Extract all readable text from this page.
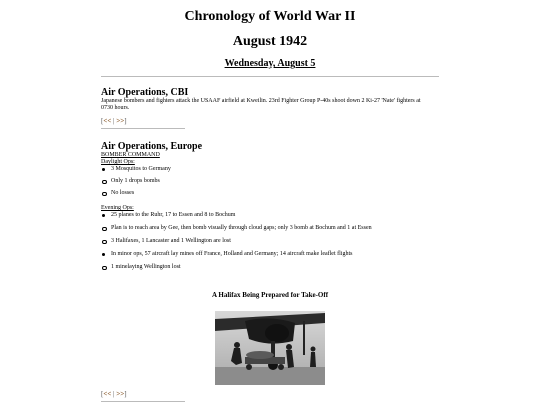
Chronology of World War II
August 1942
Wednesday, August 5
Air Operations, CBI
Japanese bombers and fighters attack the USAAF airfield at Kweilin. 23rd Fighter Group P-40s shoot down 2 Ki-27 'Nate' fighters at 0730 hours.
[<< | >>]
Air Operations, Europe
BOMBER COMMAND
Daylight Ops:
3 Mosquitos to Germany
Only 1 drops bombs
No losses
Evening Ops:
25 planes to the Ruhr, 17 to Essen and 8 to Bochum
Plan is to reach area by Gee, then bomb visually through cloud gaps; only 3 bomb at Bochum and 1 at Essen
3 Halifaxes, 1 Lancaster and 1 Wellington are lost
In minor ops, 57 aircraft lay mines off France, Holland and Germany; 14 aircraft make leaflet flights
1 minelaying Wellington lost
A Halifax Being Prepared for Take-Off
[<< | >>]
